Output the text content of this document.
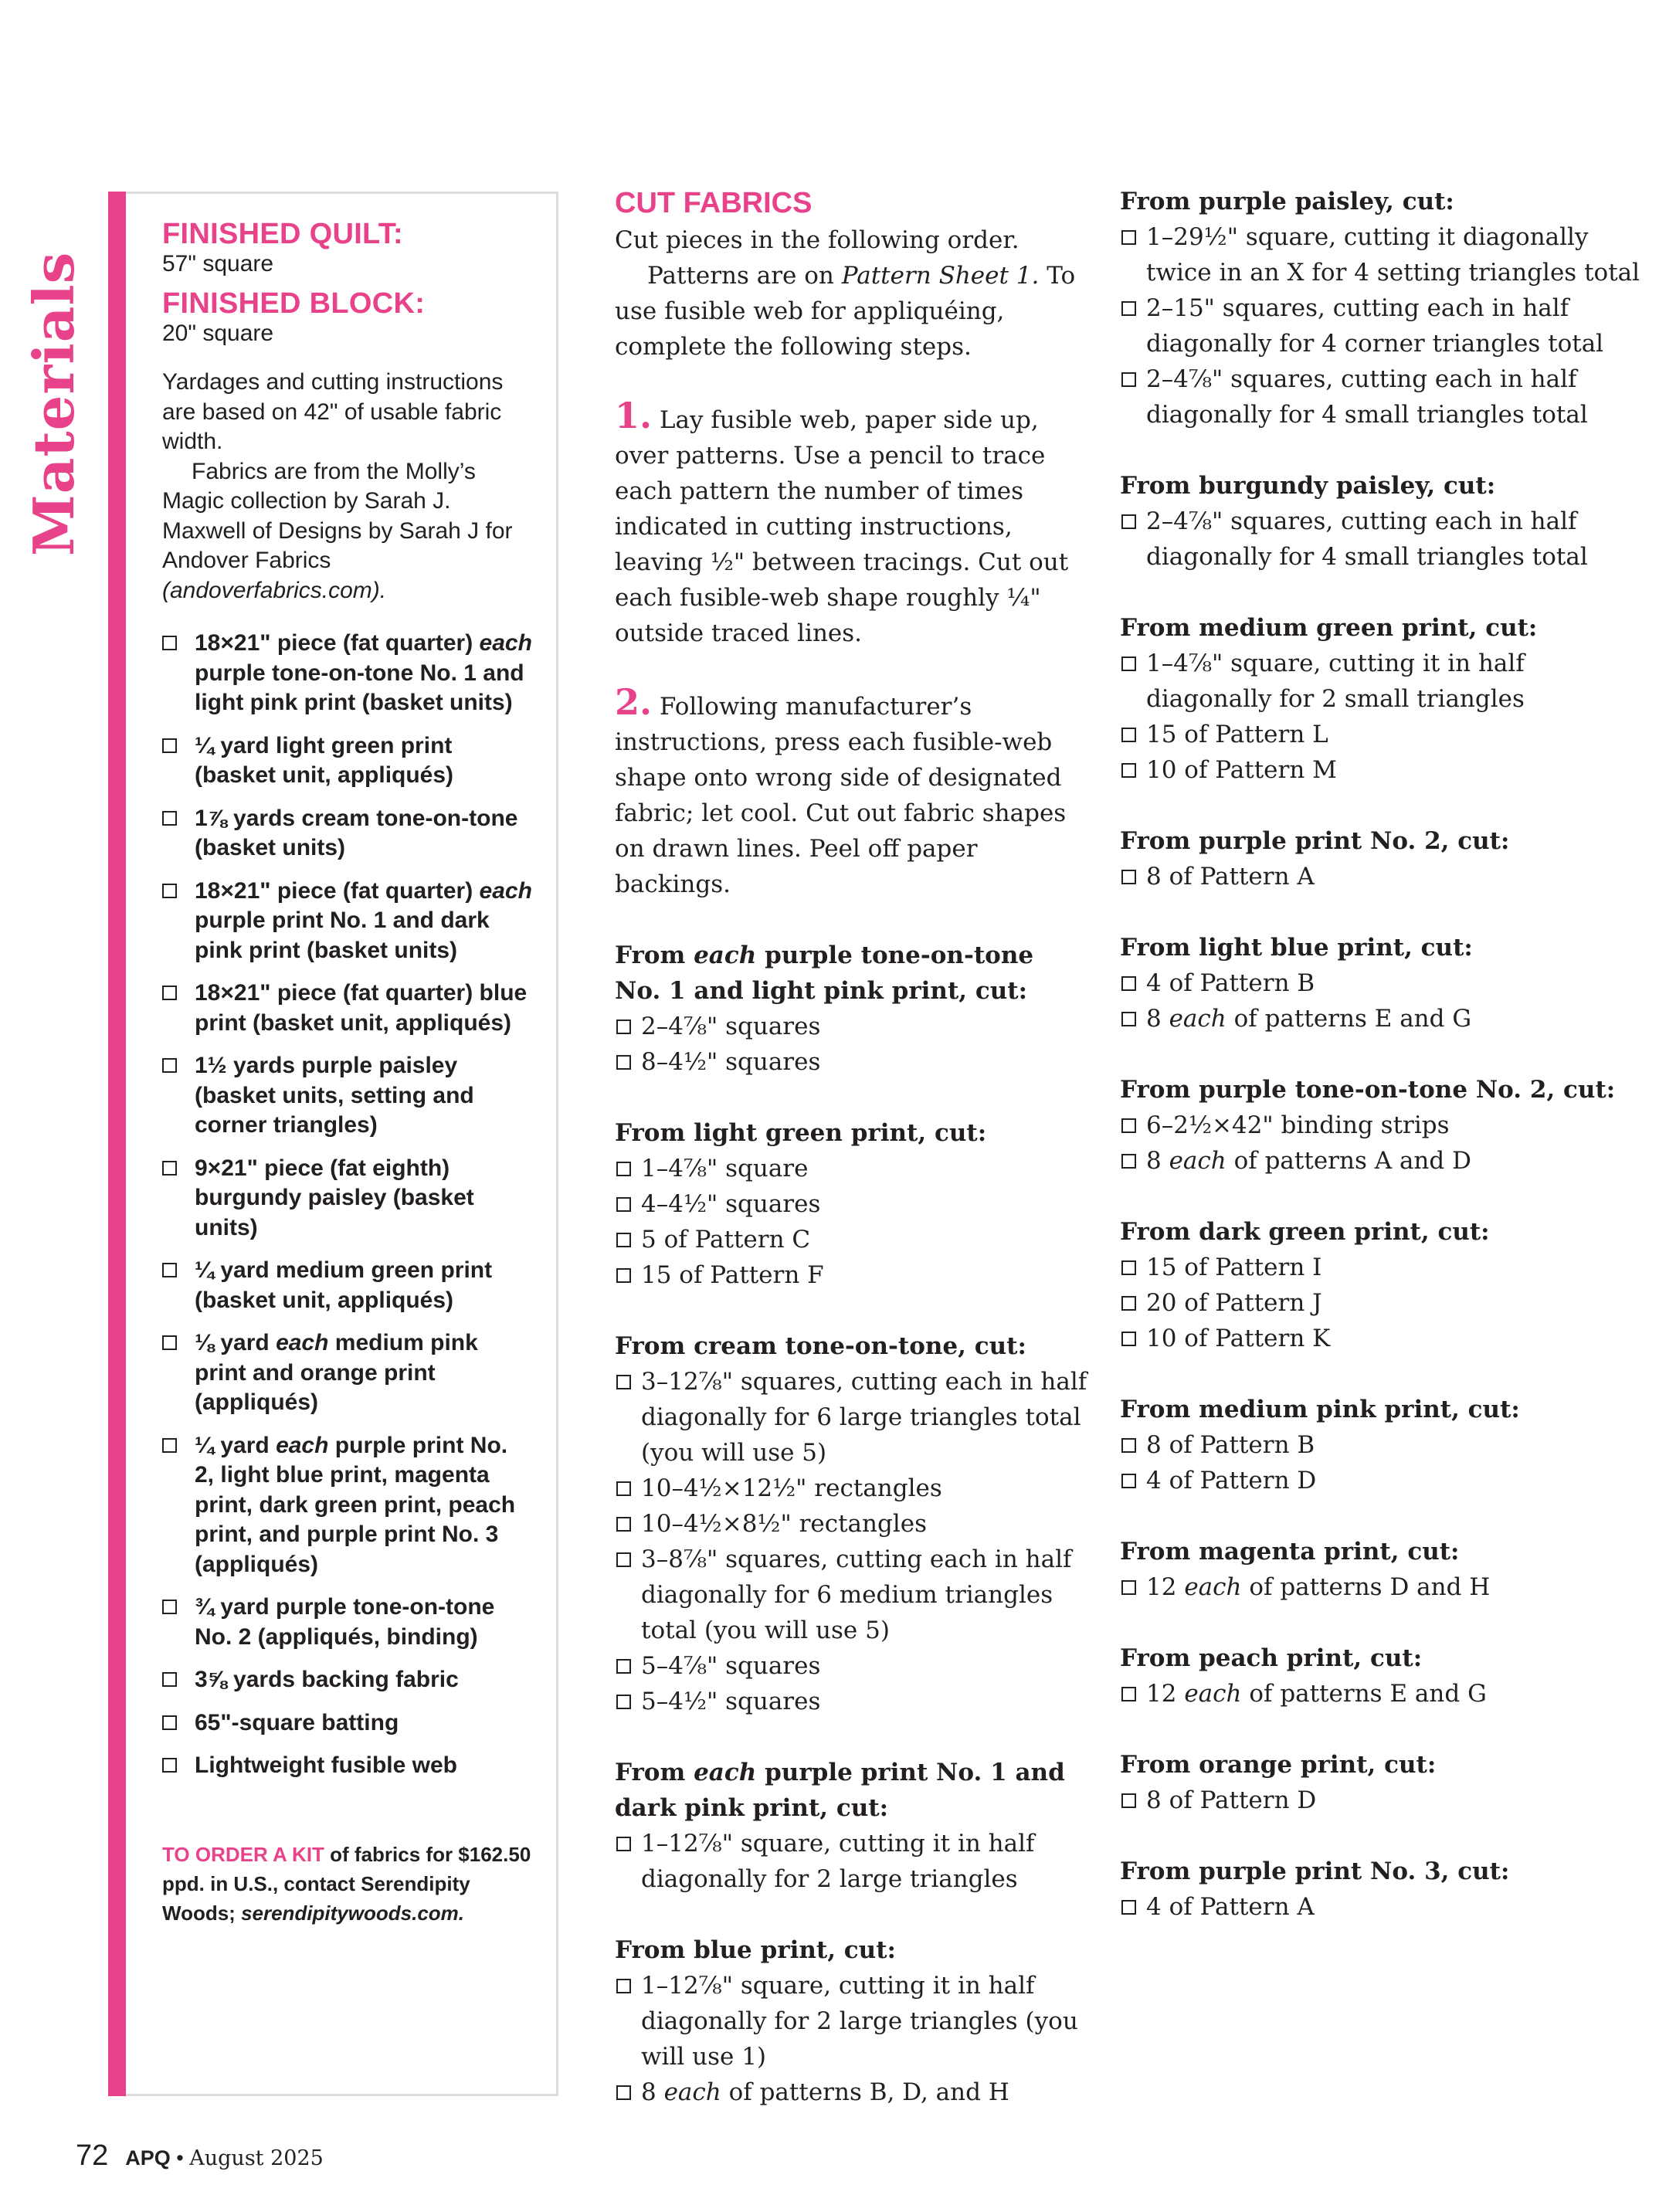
Materials
FINISHED QUILT:
57" square
FINISHED BLOCK:
20" square
Yardages and cutting instructions are based on 42" of usable fabric width.
Fabrics are from the Molly’s Magic collection by Sarah J. Maxwell of Designs by Sarah J for Andover Fabrics (andoverfabrics.com).
18×21" piece (fat quarter) each purple tone-on-tone No. 1 and light pink print (basket units)
¼ yard light green print (basket unit, appliqués)
1⅞ yards cream tone-on-tone (basket units)
18×21" piece (fat quarter) each purple print No. 1 and dark pink print (basket units)
18×21" piece (fat quarter) blue print (basket unit, appliqués)
1½ yards purple paisley (basket units, setting and corner triangles)
9×21" piece (fat eighth) burgundy paisley (basket units)
¼ yard medium green print (basket unit, appliqués)
⅛ yard each medium pink print and orange print (appliqués)
¼ yard each purple print No. 2, light blue print, magenta print, dark green print, peach print, and purple print No. 3 (appliqués)
¾ yard purple tone-on-tone No. 2 (appliqués, binding)
3⅝ yards backing fabric
65"-square batting
Lightweight fusible web
TO ORDER A KIT of fabrics for $162.50 ppd. in U.S., contact Serendipity Woods; serendipitywoods.com.
CUT FABRICS

Cut pieces in the following order.
Patterns are on Pattern Sheet 1. To use fusible web for appliquéing, complete the following steps.

1. Lay fusible web, paper side up, over patterns. Use a pencil to trace each pattern the number of times indicated in cutting instructions, leaving ½" between tracings. Cut out each fusible-web shape roughly ¼" outside traced lines.

2. Following manufacturer’s instructions, press each fusible-web shape onto wrong side of designated fabric; let cool. Cut out fabric shapes on drawn lines. Peel off paper backings.

From each purple tone-on-tone No. 1 and light pink print, cut:
2–4⅞" squares
8–4½" squares
From light green print, cut:
1–4⅞" square
4–4½" squares
5 of Pattern C
15 of Pattern F
From cream tone-on-tone, cut:
3–12⅞" squares, cutting each in half diagonally for 6 large triangles total (you will use 5)
10–4½×12½" rectangles
10–4½×8½" rectangles
3–8⅞" squares, cutting each in half diagonally for 6 medium triangles total (you will use 5)
5–4⅞" squares
5–4½" squares
From each purple print No. 1 and dark pink print, cut:
1–12⅞" square, cutting it in half diagonally for 2 large triangles
From blue print, cut:
1–12⅞" square, cutting it in half diagonally for 2 large triangles (you will use 1)
8 each of patterns B, D, and H
From purple paisley, cut:
1–29½" square, cutting it diagonally twice in an X for 4 setting triangles total
2–15" squares, cutting each in half diagonally for 4 corner triangles total
2–4⅞" squares, cutting each in half diagonally for 4 small triangles total
From burgundy paisley, cut:
2–4⅞" squares, cutting each in half diagonally for 4 small triangles total
From medium green print, cut:
1–4⅞" square, cutting it in half diagonally for 2 small triangles
15 of Pattern L
10 of Pattern M
From purple print No. 2, cut:
8 of Pattern A
From light blue print, cut:
4 of Pattern B
8 each of patterns E and G
From purple tone-on-tone No. 2, cut:
6–2½×42" binding strips
8 each of patterns A and D
From dark green print, cut:
15 of Pattern I
20 of Pattern J
10 of Pattern K
From medium pink print, cut:
8 of Pattern B
4 of Pattern D
From magenta print, cut:
12 each of patterns D and H
From peach print, cut:
12 each of patterns E and G
From orange print, cut:
8 of Pattern D
From purple print No. 3, cut:
4 of Pattern A
72 APQ • August 2025
